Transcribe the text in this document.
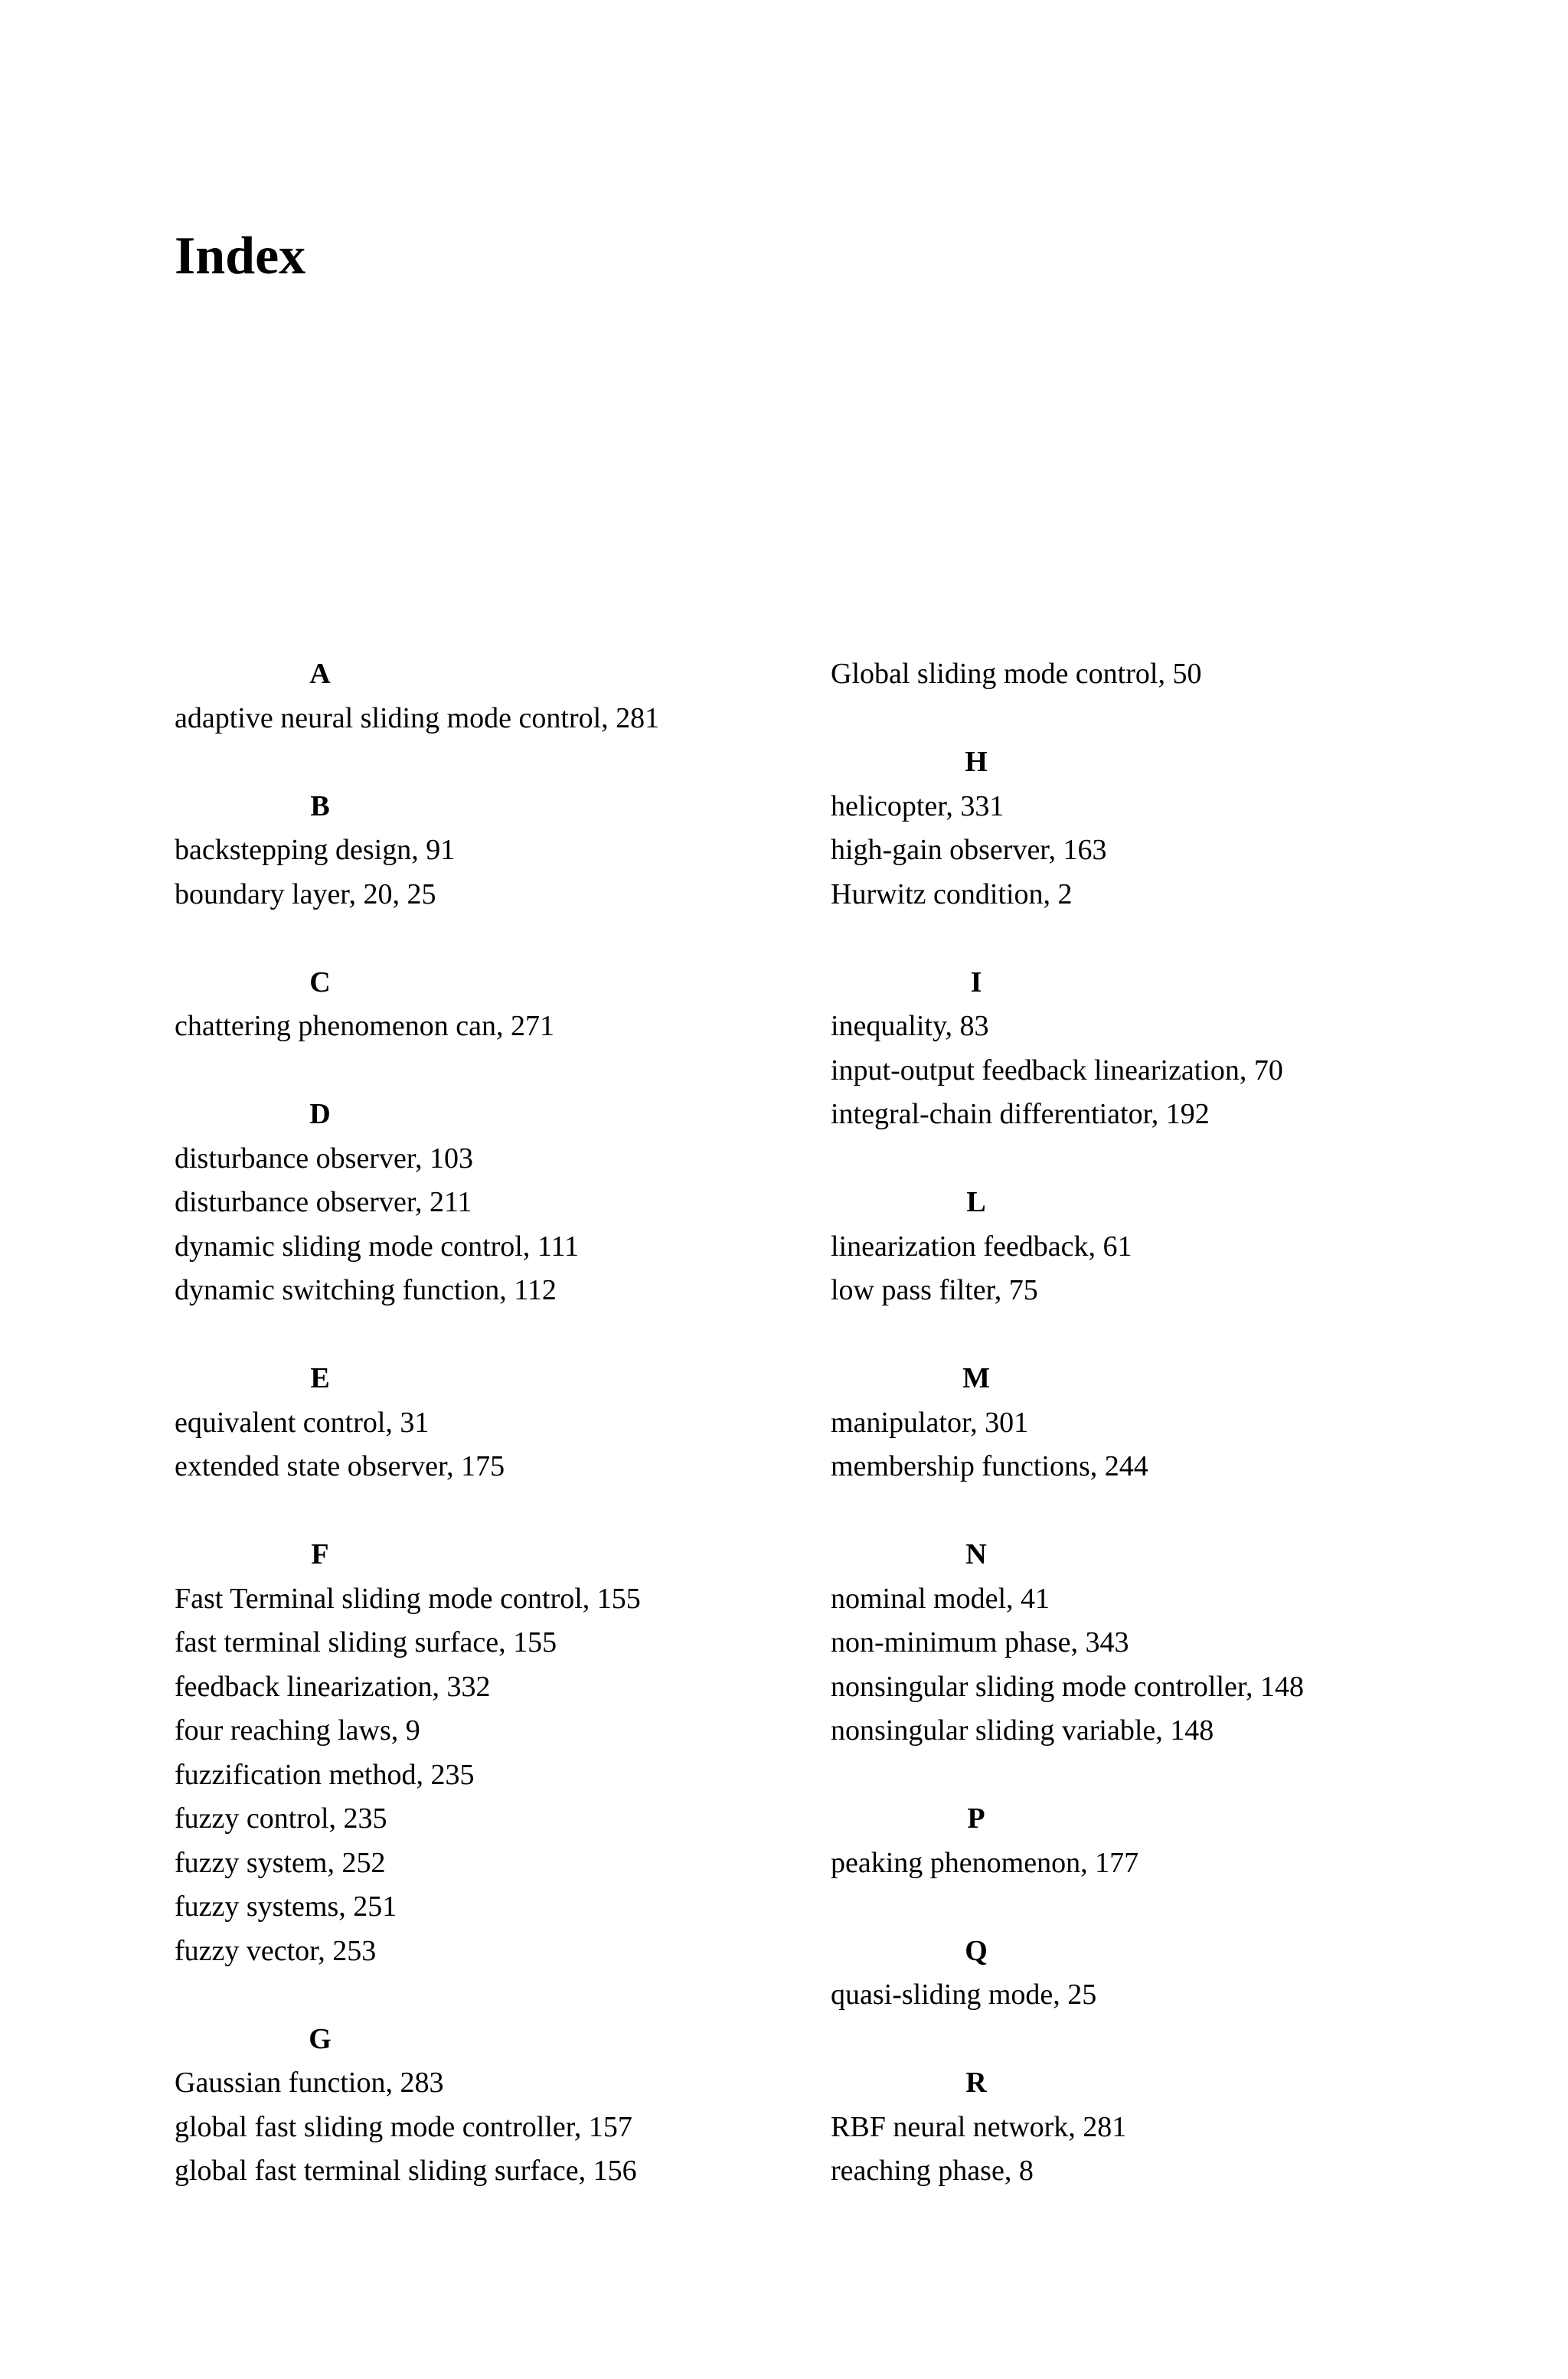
Index
A
adaptive neural sliding mode control, 281
B
backstepping design, 91
boundary layer, 20, 25
C
chattering phenomenon can, 271
D
disturbance observer, 103
disturbance observer, 211
dynamic sliding mode control, 111
dynamic switching function, 112
E
equivalent control, 31
extended state observer, 175
F
Fast Terminal sliding mode control, 155
fast terminal sliding surface, 155
feedback linearization, 332
four reaching laws, 9
fuzzification method, 235
fuzzy control, 235
fuzzy system, 252
fuzzy systems, 251
fuzzy vector, 253
G
Gaussian function, 283
global fast sliding mode controller, 157
global fast terminal sliding surface, 156
Global sliding mode control, 50
H
helicopter, 331
high-gain observer, 163
Hurwitz condition, 2
I
inequality, 83
input-output feedback linearization, 70
integral-chain differentiator, 192
L
linearization feedback, 61
low pass filter, 75
M
manipulator, 301
membership functions, 244
N
nominal model, 41
non-minimum phase, 343
nonsingular sliding mode controller, 148
nonsingular sliding variable, 148
P
peaking phenomenon, 177
Q
quasi-sliding mode, 25
R
RBF neural network, 281
reaching phase, 8
